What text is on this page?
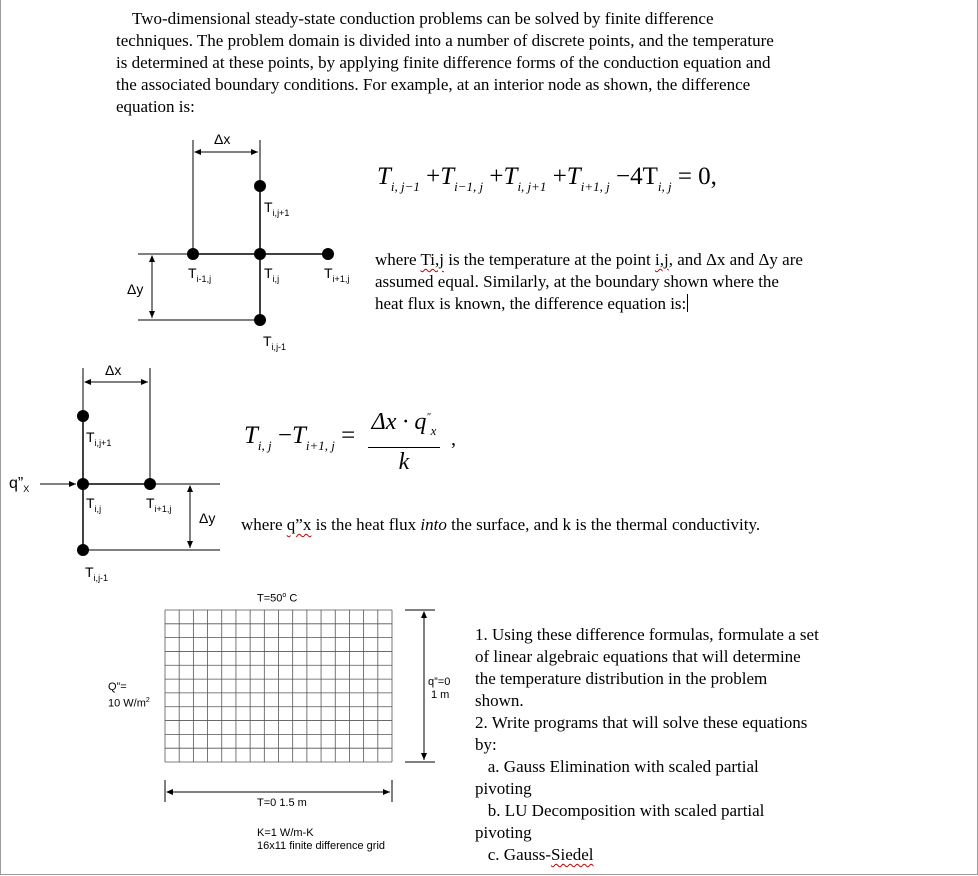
Two-dimensional steady-state conduction problems can be solved by finite difference
techniques. The problem domain is divided into a number of discrete points, and the temperature
is determined at these points, by applying finite difference forms of the conduction equation and
the associated boundary conditions. For example, at an interior node as shown, the difference
equation is:
Δx
Δy
$T_{i,j+1}$
$T_{i-1,j}$	$T_{i,j}$	$T_{i+1,j}$
$T_{i,j-1}$
$T_{i, j-1} +T_{i-1, j} +T_{i, j+1} +T_{i+1, j} -4T_{i, j} = 0$,
where Ti,j is the temperature at the point i,j, and Δx and Δy are
assumed equal. Similarly, at the boundary shown where the
heat flux is known, the difference equation is:
Δx
Δy
$q”_X$
$T_{i,j+1}$
$T_{i,j}$	$T_{i+1,j}$
$T_{i,j-1}$
$T_{i, j} -T_{i+1, j} = \Delta x \cdot q^"_x$
k
,
where q”x is the heat flux into the surface, and k is the thermal conductivity.
$T=50^o$ C
Q”=
10 $W/m^2$
q”=0
1 m
T=0 1.5 m
K=1 W/m-K
16x11 finite difference grid
1. Using these difference formulas, formulate a set
of linear algebraic equations that will determine
the temperature distribution in the problem
shown.
2. Write programs that will solve these equations
by:
a. Gauss Elimination with scaled partial
pivoting
b. LU Decomposition with scaled partial
pivoting
c. Gauss-Siedel
